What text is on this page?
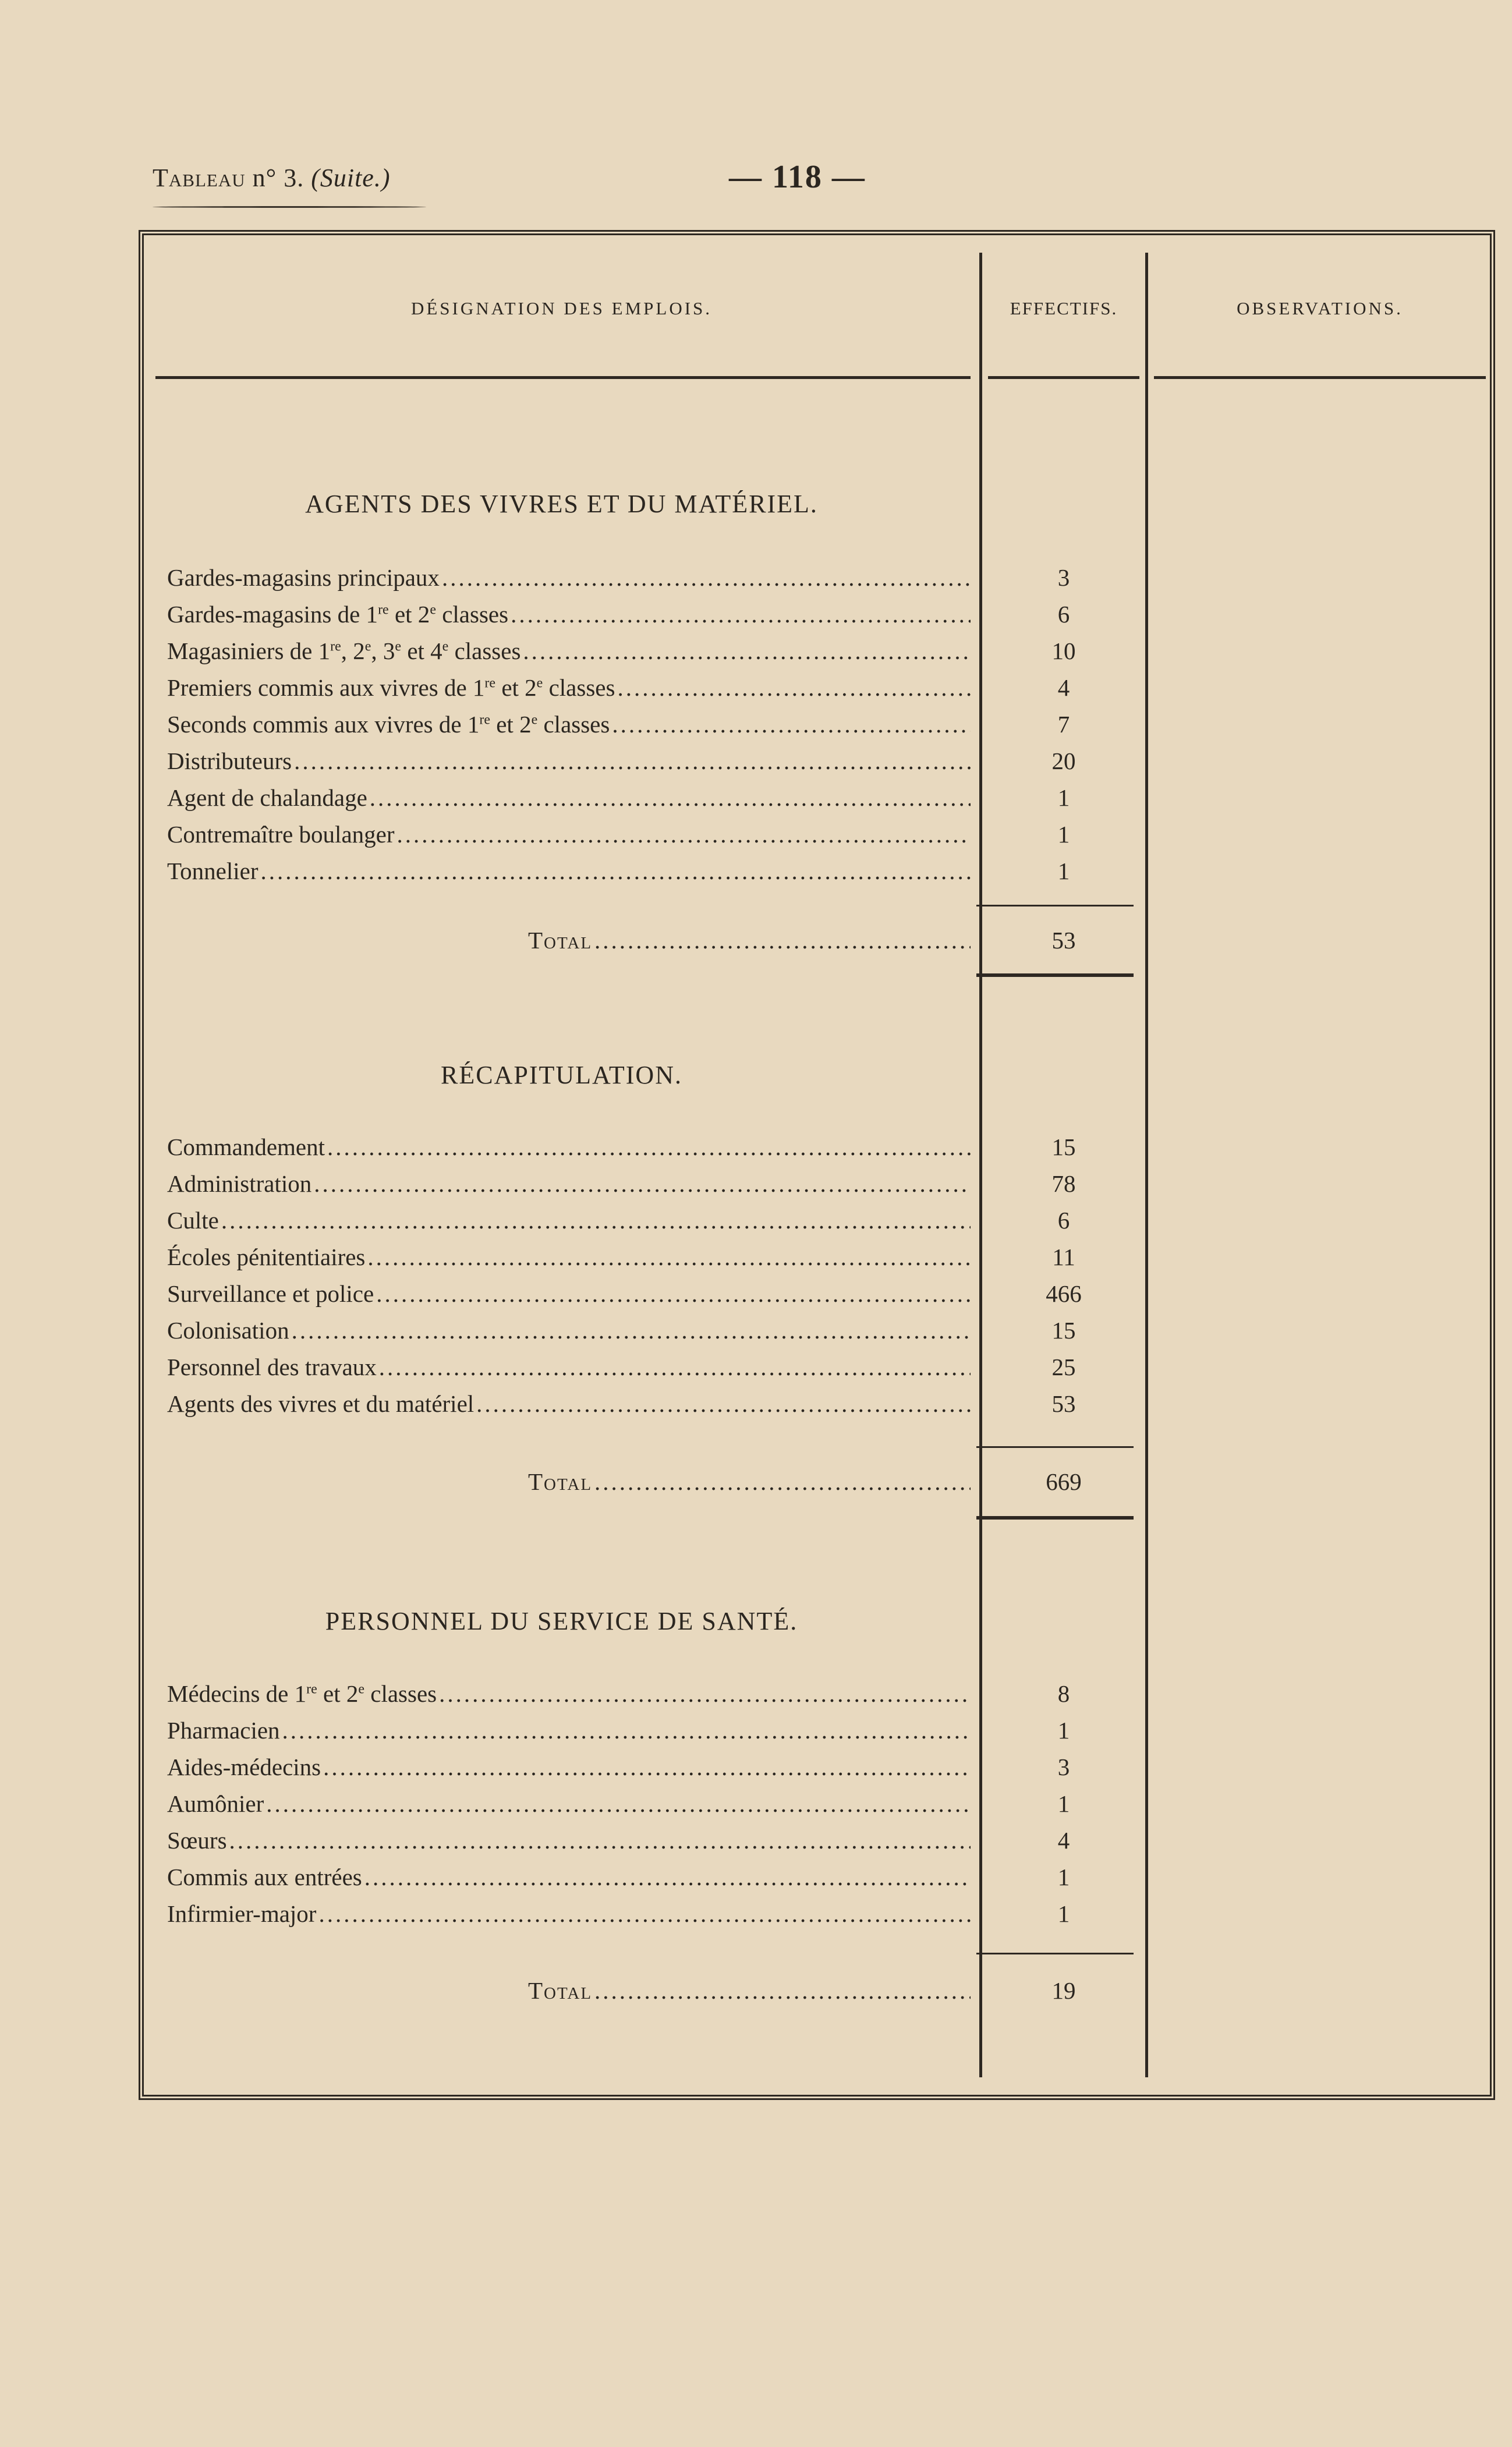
Tableau n° 3. (Suite.)	— 118 —
DÉSIGNATION DES EMPLOIS.	EFFECTIFS.	OBSERVATIONS.
AGENTS DES VIVRES ET DU MATÉRIEL.
Gardes-magasins principaux .....	3
Gardes-magasins de 1re et 2e classes .....	6
Magasiniers de 1re, 2e, 3e et 4e classes .....	10
Premiers commis aux vivres de 1re et 2e classes .....	4
Seconds commis aux vivres de 1re et 2e classes .....	7
Distributeurs .....	20
Agent de chalandage .....	1
Contremaître boulanger .....	1
Tonnelier .....	1
Total .....	53
RÉCAPITULATION.
Commandement .....	15
Administration .....	78
Culte .....	6
Écoles pénitentiaires .....	11
Surveillance et police .....	466
Colonisation .....	15
Personnel des travaux .....	25
Agents des vivres et du matériel .....	53
Total .....	669
PERSONNEL DU SERVICE DE SANTÉ.
Médecins de 1re et 2e classes .....	8
Pharmacien .....	1
Aides-médecins .....	3
Aumônier .....	1
Sœurs .....	4
Commis aux entrées .....	1
Infirmier-major .....	1
Total .....	19
